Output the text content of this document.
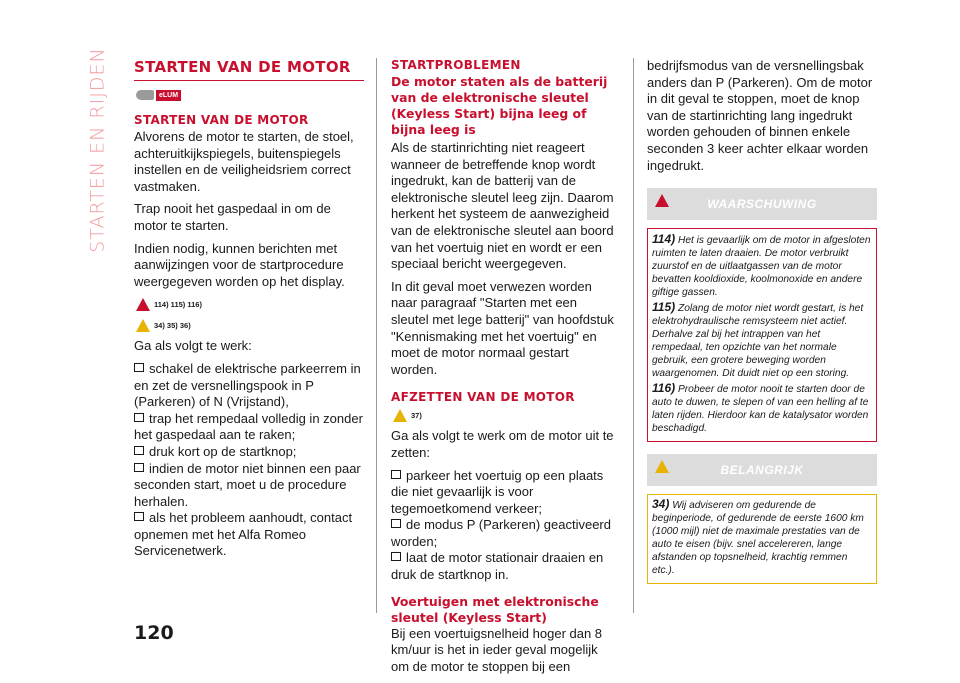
STARTEN EN RIJDEN STARTEN VAN DE MOTOR
eLUM
STARTEN VAN DE MOTOR

Alvorens de motor te starten, de stoel, achteruitkijkspiegels, buitenspiegels instellen en de veiligheidsriem correct vastmaken.

Trap nooit het gaspedaal in om de motor te starten.

Indien nodig, kunnen berichten met aanwijzingen voor de startprocedure weergegeven worden op het display.

114) 115) 116)
34) 35) 36)

Ga als volgt te werk:

schakel de elektrische parkeerrem in en zet de versnellingspook in P (Parkeren) of N (Vrijstand),
trap het rempedaal volledig in zonder het gaspedaal aan te raken;
druk kort op de startknop;
indien de motor niet binnen een paar seconden start, moet u de procedure herhalen.
als het probleem aanhoudt, contact opnemen met het Alfa Romeo Servicenetwerk.
STARTPROBLEMEN
De motor staten als de batterij van de elektronische sleutel (Keyless Start) bijna leeg of bijna leeg is

Als de startinrichting niet reageert wanneer de betreffende knop wordt ingedrukt, kan de batterij van de elektronische sleutel leeg zijn. Daarom herkent het systeem de aanwezigheid van de elektronische sleutel aan boord van het voertuig niet en wordt er een speciaal bericht weergegeven.

In dit geval moet verwezen worden naar paragraaf "Starten met een sleutel met lege batterij" van hoofdstuk "Kennismaking met het voertuig" en moet de motor normaal gestart worden.

AFZETTEN VAN DE MOTOR
37)

Ga als volgt te werk om de motor uit te zetten:

parkeer het voertuig op een plaats die niet gevaarlijk is voor tegemoetkomend verkeer;
de modus P (Parkeren) geactiveerd worden;
laat de motor stationair draaien en druk de startknop in.
Voertuigen met elektronische sleutel (Keyless Start)

Bij een voertuigsnelheid hoger dan 8 km/uur is het in ieder geval mogelijk om de motor te stoppen bij een

bedrijfsmodus van de versnellingsbak anders dan P (Parkeren). Om de motor in dit geval te stoppen, moet de knop van de startinrichting lang ingedrukt worden gehouden of binnen enkele seconden 3 keer achter elkaar worden ingedrukt.

WAARSCHUWING
114) Het is gevaarlijk om de motor in afgesloten ruimten te laten draaien. De motor verbruikt zuurstof en de uitlaatgassen van de motor bevatten kooldioxide, koolmonoxide en andere giftige gassen.
115) Zolang de motor niet wordt gestart, is het elektrohydraulische remsysteem niet actief. Derhalve zal bij het intrappen van het rempedaal, ten opzichte van het normale gebruik, een grotere beweging worden waargenomen. Dit duidt niet op een storing.
116) Probeer de motor nooit te starten door de auto te duwen, te slepen of van een helling af te laten rijden. Hierdoor kan de katalysator worden beschadigd.
BELANGRIJK
34) Wij adviseren om gedurende de beginperiode, of gedurende de eerste 1600 km (1000 mijl) niet de maximale prestaties van de auto te eisen (bijv. snel accelereren, lange afstanden op topsnelheid, krachtig remmen etc.).
120
